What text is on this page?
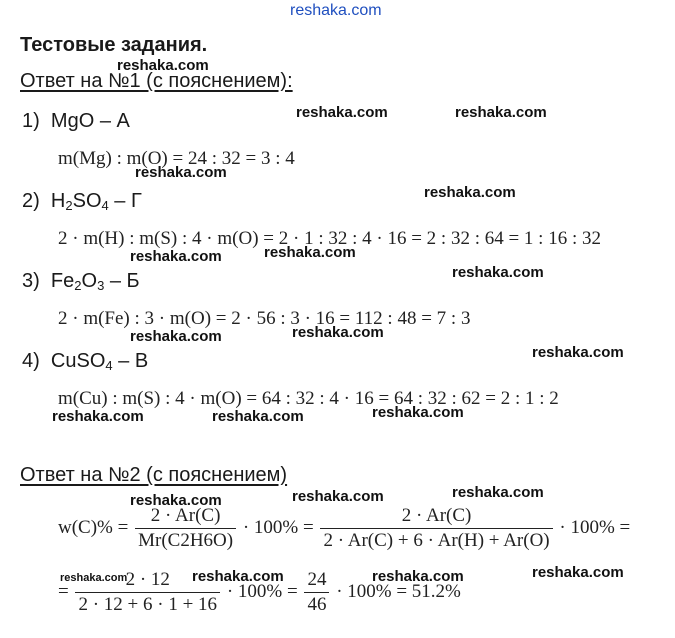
reshaka.com
Тестовые задания.
Ответ на №1 (с пояснением):
1) MgO – А
m(Mg) : m(O) = 24 : 32 = 3 : 4
2) $H_2SO_4$ – Г
2 · m(H) : m(S) : 4 · m(O) = 2 · 1 : 32 : 4 · 16 = 2 : 32 : 64 = 1 : 16 : 32
3) $Fe_2O_3$ – Б
2 · m(Fe) : 3 · m(O) = 2 · 56 : 3 · 16 = 112 : 48 = 7 : 3
4) CuSO$_4$ – В
m(Cu) : m(S) : 4 · m(O) = 64 : 32 : 4 · 16 = 64 : 32 : 62 = 2 : 1 : 2
Ответ на №2 (с пояснением)
$w(C)\% = \frac{2 \cdot Ar(C)}{Mr(C2H6O)} \cdot 100\% = \frac{2 \cdot Ar(C)}{2 \cdot Ar(C) + 6 \cdot Ar(H) + Ar(O)} \cdot 100\%$ =
= $\frac{2 \cdot 12}{2 \cdot 12 + 6 \cdot 1 + 16} \cdot 100\% = \frac{24}{46} \cdot 100\% = 51.2\%$
reshaka.com
reshaka.com	reshaka.com
reshaka.com
reshaka.com
reshaka.com	reshaka.com
reshaka.com
reshaka.com	reshaka.com
reshaka.com
reshaka.com	reshaka.com	reshaka.com
reshaka.com	reshaka.com	reshaka.com
reshaka.com	reshaka.com	reshaka.com	reshaka.com
